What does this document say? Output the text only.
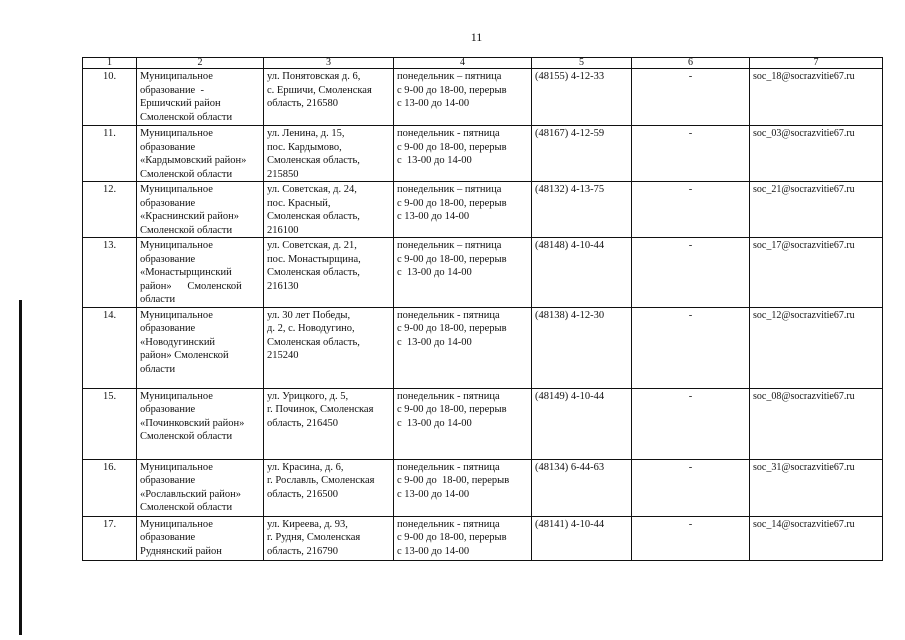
11
1	2	3	4	5	6	7
10.	Муниципальное
образование  -
Ершичский район
Смоленской области	ул. Понятовская д. 6,
с. Ершичи, Смоленская
область, 216580	понедельник – пятница
с 9-00 до 18-00, перерыв
с 13-00 до 14-00	(48155) 4-12-33	-	soc_18@socrazvitie67.ru
11.	Муниципальное
образование
«Кардымовский район»
Смоленской области	ул. Ленина, д. 15,
пос. Кардымово,
Смоленская область,
215850	понедельник - пятница
с 9-00 до 18-00, перерыв
с  13-00 до 14-00	(48167) 4-12-59	-	soc_03@socrazvitie67.ru
12.	Муниципальное
образование
«Краснинский район»
Смоленской области	ул. Советская, д. 24,
пос. Красный,
Смоленская область,
216100	понедельник – пятница
с 9-00 до 18-00, перерыв
с 13-00 до 14-00	(48132) 4-13-75	-	soc_21@socrazvitie67.ru
13.	Муниципальное
образование
«Монастырщинский
район»      Смоленской
области	ул. Советская, д. 21,
пос. Монастырщина,
Смоленская область,
216130	понедельник – пятница
с 9-00 до 18-00, перерыв
с  13-00 до 14-00	(48148) 4-10-44	-	soc_17@socrazvitie67.ru
14.	Муниципальное
образование
«Новодугинский
район» Смоленской
области	ул. 30 лет Победы,
д. 2, с. Новодугино,
Смоленская область,
215240	понедельник - пятница
с 9-00 до 18-00, перерыв
с  13-00 до 14-00	(48138) 4-12-30	-	soc_12@socrazvitie67.ru
15.	Муниципальное
образование
«Починковский район»
Смоленской области	ул. Урицкого, д. 5,
г. Починок, Смоленская
область, 216450	понедельник - пятница
с 9-00 до 18-00, перерыв
с  13-00 до 14-00	(48149) 4-10-44	-	soc_08@socrazvitie67.ru
16.	Муниципальное
образование
«Рославльский район»
Смоленской области	ул. Красина, д. 6,
г. Рославль, Смоленская
область, 216500	понедельник - пятница
с 9-00 до  18-00, перерыв
с 13-00 до 14-00	(48134) 6-44-63	-	soc_31@socrazvitie67.ru
17.	Муниципальное
образование
Руднянский район	ул. Киреева, д. 93,
г. Рудня, Смоленская
область, 216790	понедельник - пятница
с 9-00 до 18-00, перерыв
с 13-00 до 14-00	(48141) 4-10-44	-	soc_14@socrazvitie67.ru
